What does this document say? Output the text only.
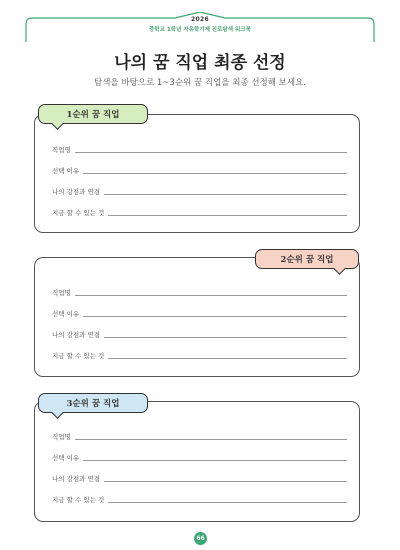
2026
중학교 1학년 자유학기제 진로탐색 워크북
나의 꿈 직업 최종 선정
탐색을 바탕으로 1~3순위 꿈 직업을 최종 선정해 보세요.
직업명
선택 이유
나의 강점과 연결
지금 할 수 있는 것
1순위 꿈 직업
직업명
선택 이유
나의 강점과 연결
지금 할 수 있는 것
2순위 꿈 직업
직업명
선택 이유
나의 강점과 연결
지금 할 수 있는 것
3순위 꿈 직업
66
